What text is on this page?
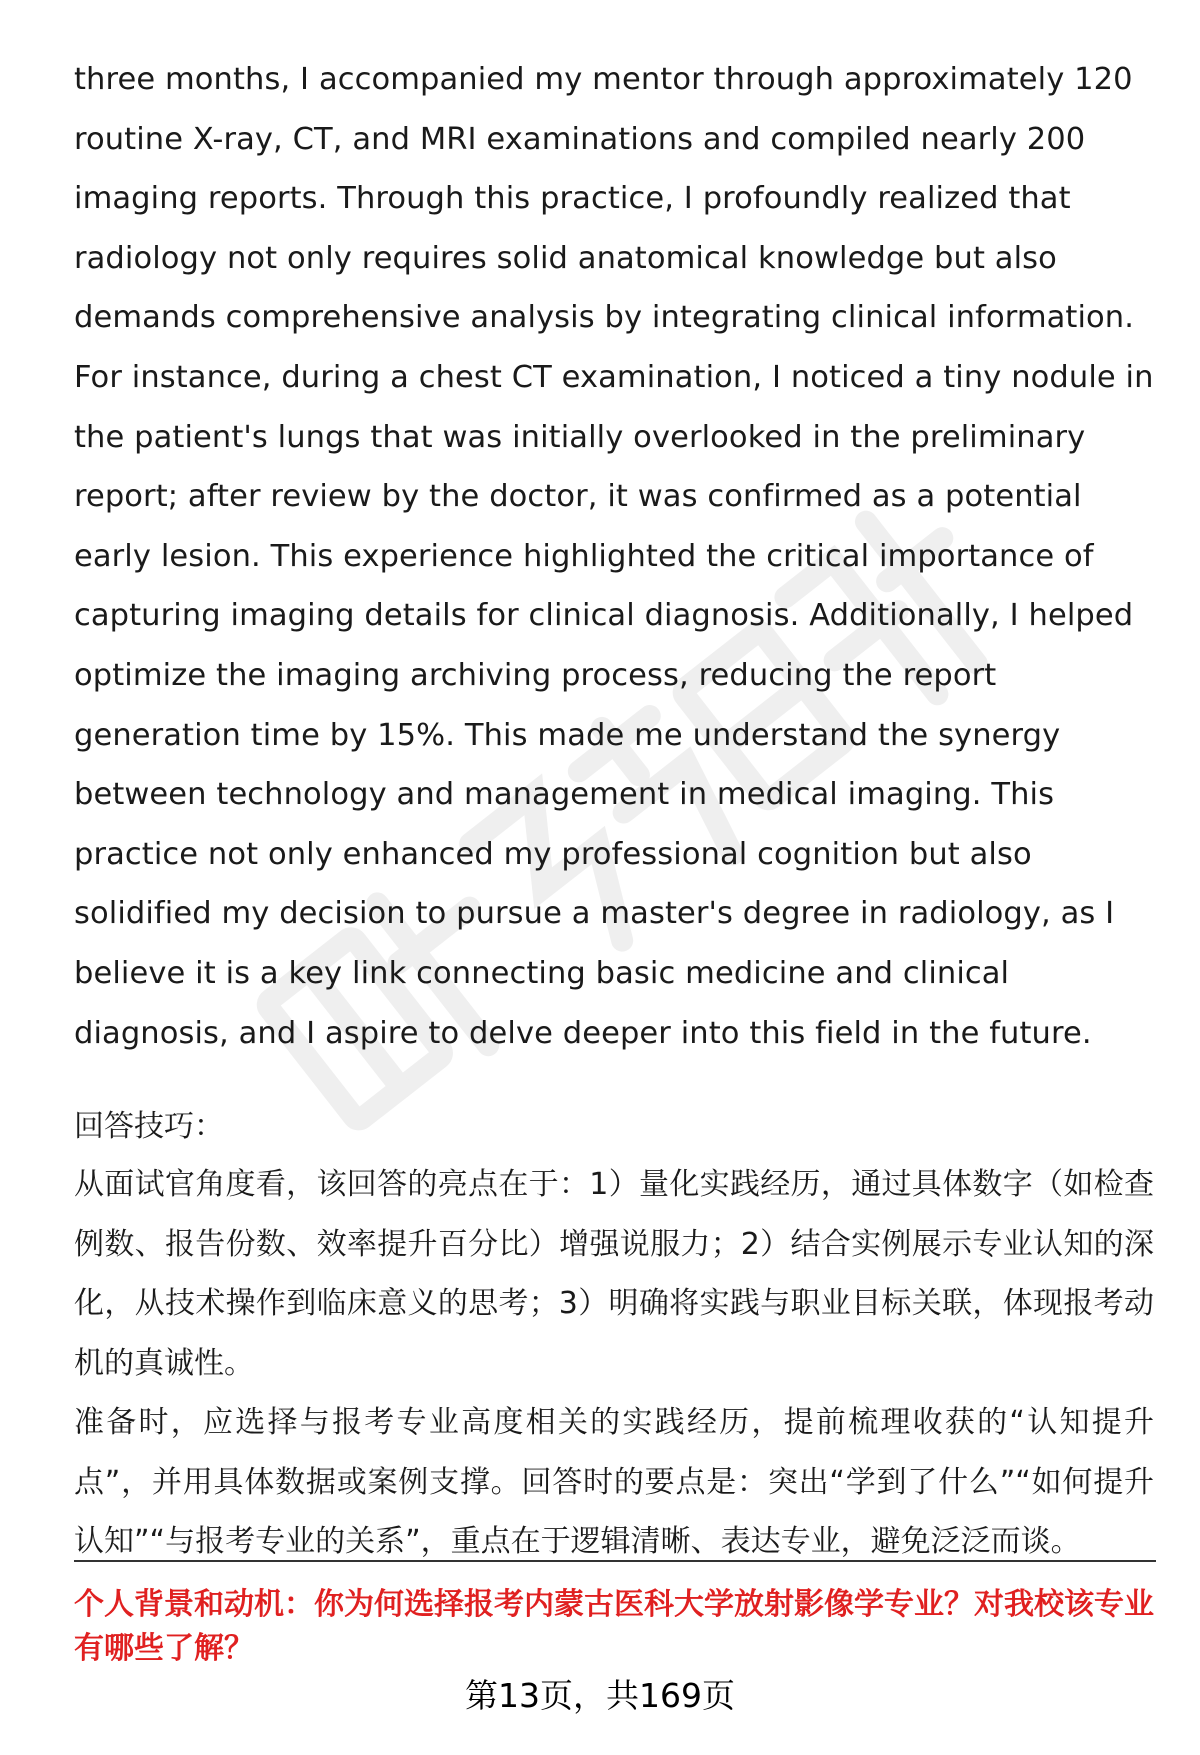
three months, I accompanied my mentor through approximately 120 routine X-ray, CT, and MRI examinations and compiled nearly 200 imaging reports. Through this practice, I profoundly realized that radiology not only requires solid anatomical knowledge but also demands comprehensive analysis by integrating clinical information. For instance, during a chest CT examination, I noticed a tiny nodule in the patient's lungs that was initially overlooked in the preliminary report; after review by the doctor, it was confirmed as a potential early lesion. This experience highlighted the critical importance of capturing imaging details for clinical diagnosis. Additionally, I helped optimize the imaging archiving process, reducing the report generation time by 15%. This made me understand the synergy between technology and management in medical imaging. This practice not only enhanced my professional cognition but also solidified my decision to pursue a master's degree in radiology, as I believe it is a key link connecting basic medicine and clinical diagnosis, and I aspire to delve deeper into this field in the future.

回答技巧：

从面试官角度看，该回答的亮点在于：1）量化实践经历，通过具体数字（如检查例数、报告份数、效率提升百分比）增强说服力；2）结合实例展示专业认知的深化，从技术操作到临床意义的思考；3）明确将实践与职业目标关联，体现报考动机的真诚性。

准备时，应选择与报考专业高度相关的实践经历，提前梳理收获的“认知提升点”，并用具体数据或案例支撑。回答时的要点是：突出“学到了什么”“如何提升认知”“与报考专业的关系”，重点在于逻辑清晰、表达专业，避免泛泛而谈。

个人背景和动机：你为何选择报考内蒙古医科大学放射影像学专业？对我校该专业有哪些了解？

第13页，共169页
